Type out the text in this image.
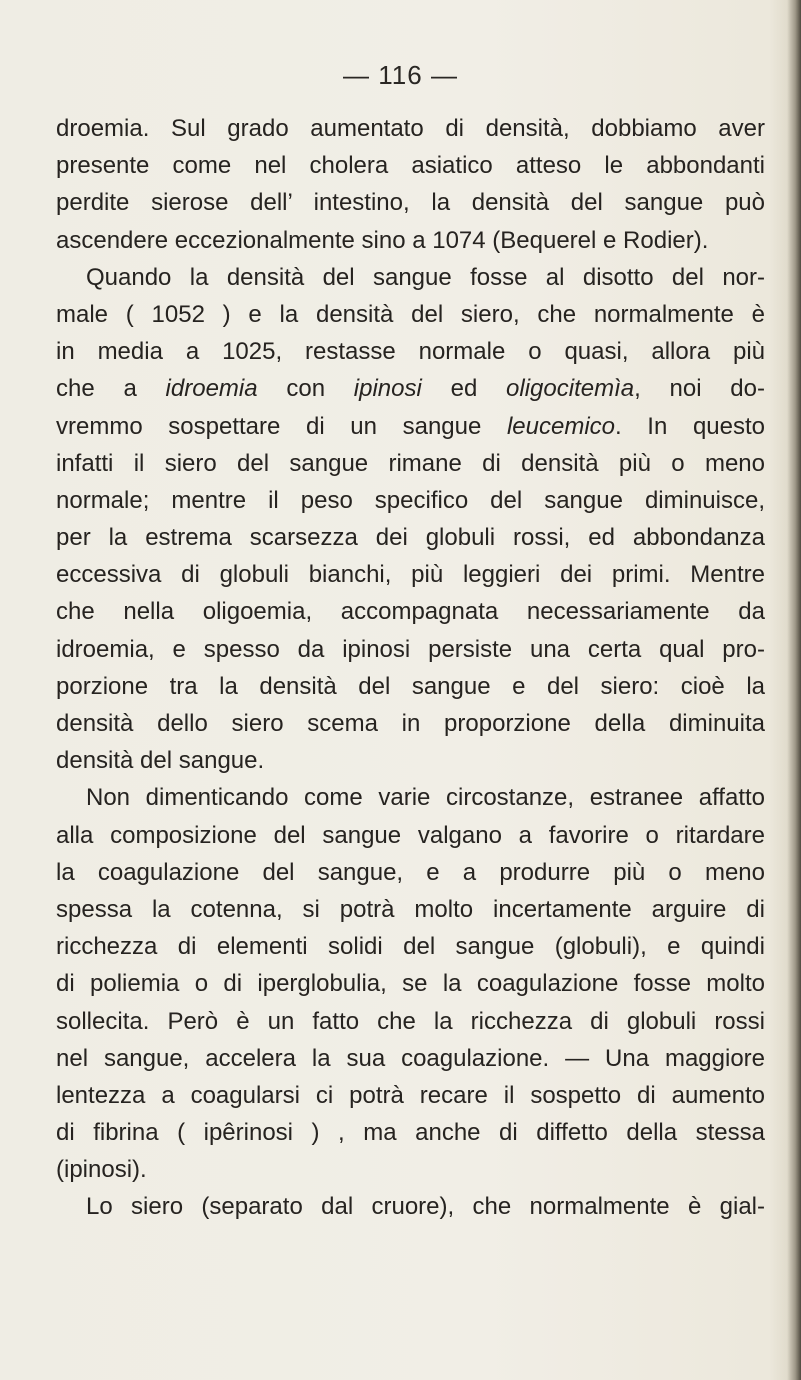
— 116 —
droemia. Sul grado aumentato di densità, dobbiamo aver
presente come nel cholera asiatico atteso le abbondanti
perdite sierose dell’ intestino, la densità del sangue può
ascendere eccezionalmente sino a 1074 (Bequerel e Rodier).
Quando la densità del sangue fosse al disotto del nor-
male ( 1052 ) e la densità del siero, che normalmente è
in media a 1025, restasse normale o quasi, allora più
che a idroemia con ipinosi ed oligocitemìa, noi do-
vremmo sospettare di un sangue leucemico. In questo
infatti il siero del sangue rimane di densità più o meno
normale; mentre il peso specifico del sangue diminuisce,
per la estrema scarsezza dei globuli rossi, ed abbondanza
eccessiva di globuli bianchi, più leggieri dei primi. Mentre
che nella oligoemia, accompagnata necessariamente da
idroemia, e spesso da ipinosi persiste una certa qual pro-
porzione tra la densità del sangue e del siero: cioè la
densità dello siero scema in proporzione della diminuita
densità del sangue.
Non dimenticando come varie circostanze, estranee affatto
alla composizione del sangue valgano a favorire o ritardare
la coagulazione del sangue, e a produrre più o meno
spessa la cotenna, si potrà molto incertamente arguire di
ricchezza di elementi solidi del sangue (globuli), e quindi
di poliemia o di iperglobulia, se la coagulazione fosse molto
sollecita. Però è un fatto che la ricchezza di globuli rossi
nel sangue, accelera la sua coagulazione. — Una maggiore
lentezza a coagularsi ci potrà recare il sospetto di aumento
di fibrina ( ipêrinosi ) , ma anche di diffetto della stessa
(ipinosi).
Lo siero (separato dal cruore), che normalmente è gial-
